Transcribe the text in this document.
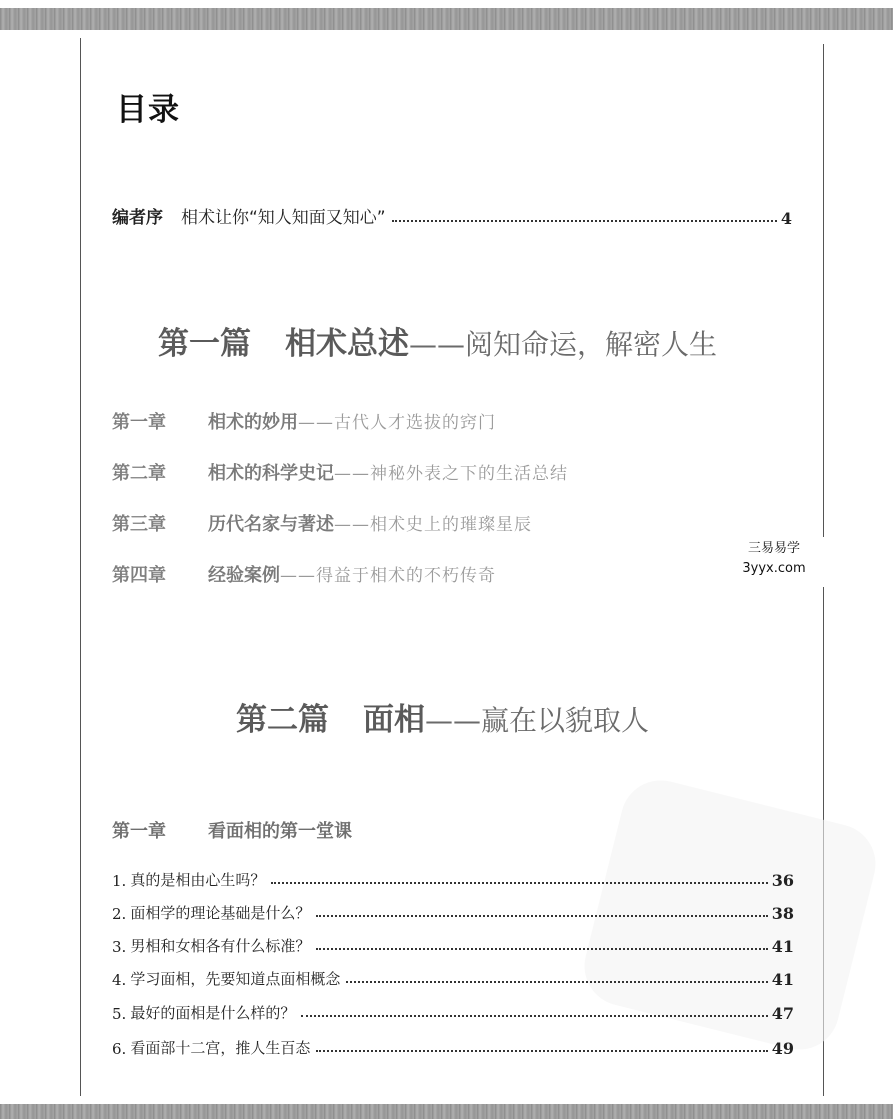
目录
编者序 相术让你“知人知面又知心”	4
第一篇 相术总述——阅知命运，解密人生
第一章 相术的妙用——古代人才选拔的窍门
第二章 相术的科学史记——神秘外表之下的生活总结
第三章 历代名家与著述——相术史上的璀璨星辰
第四章 经验案例——得益于相术的不朽传奇
三易易学
3yyx.com
第二篇 面相——赢在以貌取人
第一章 看面相的第一堂课
1. 真的是相由心生吗？	36
2. 面相学的理论基础是什么？	38
3. 男相和女相各有什么标准？	41
4. 学习面相，先要知道点面相概念	41
5. 最好的面相是什么样的？	47
6. 看面部十二宫，推人生百态	49
